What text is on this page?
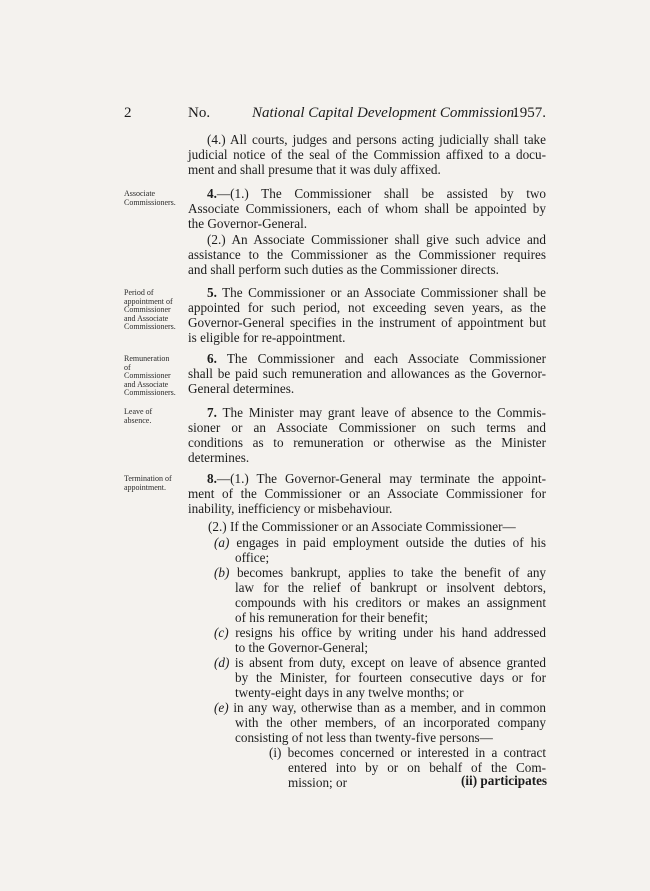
2	No.	National Capital Development Commission.
1957.
(4.) All courts, judges and persons acting judicially shall take
judicial notice of the seal of the Commission affixed to a docu-
ment and shall presume that it was duly affixed.
Associate
Commissioners.
4.—(1.) The Commissioner shall be assisted by two
Associate Commissioners, each of whom shall be appointed by
the Governor-General.
(2.) An Associate Commissioner shall give such advice and
assistance to the Commissioner as the Commissioner requires
and shall perform such duties as the Commissioner directs.
Period of
appointment of
Commissioner
and Associate
Commissioners.
5. The Commissioner or an Associate Commissioner shall be
appointed for such period, not exceeding seven years, as the
Governor-General specifies in the instrument of appointment but
is eligible for re-appointment.
Remuneration
of
Commissioner
and Associate
Commissioners.
6. The Commissioner and each Associate Commissioner
shall be paid such remuneration and allowances as the Governor-
General determines.
Leave of
absence.
7. The Minister may grant leave of absence to the Commis-
sioner or an Associate Commissioner on such terms and
conditions as to remuneration or otherwise as the Minister
determines.
Termination of
appointment.
8.—(1.) The Governor-General may terminate the appoint-
ment of the Commissioner or an Associate Commissioner for
inability, inefficiency or misbehaviour.
(2.) If the Commissioner or an Associate Commissioner—
(a) engages in paid employment outside the duties of his
office;
(b) becomes bankrupt, applies to take the benefit of any
law for the relief of bankrupt or insolvent debtors,
compounds with his creditors or makes an assignment
of his remuneration for their benefit;
(c) resigns his office by writing under his hand addressed
to the Governor-General;
(d) is absent from duty, except on leave of absence granted
by the Minister, for fourteen consecutive days or for
twenty-eight days in any twelve months; or
(e) in any way, otherwise than as a member, and in common
with the other members, of an incorporated company
consisting of not less than twenty-five persons—
(i) becomes concerned or interested in a contract
entered into by or on behalf of the Com-
mission; or	(ii) participates
